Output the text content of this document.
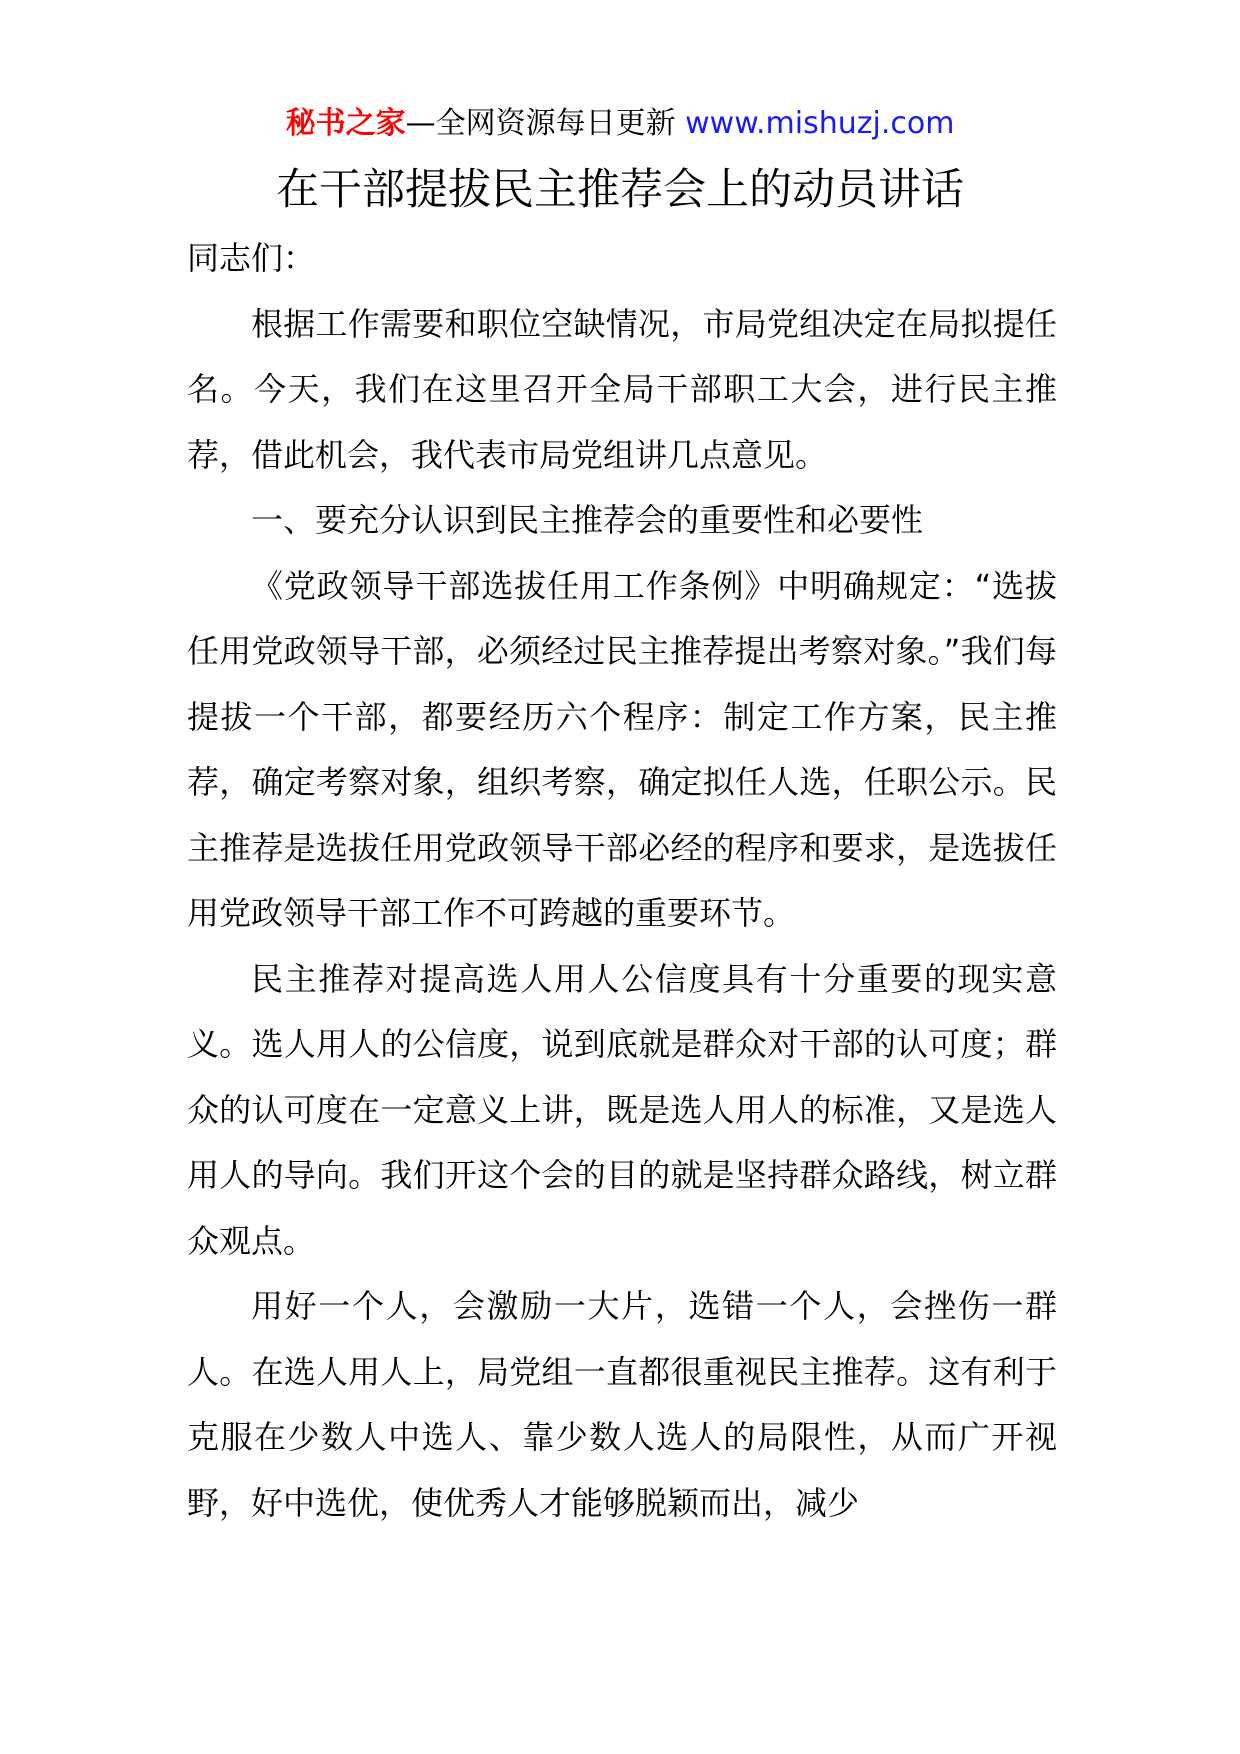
秘书之家—全网资源每日更新 www.mishuzj.com
在干部提拔民主推荐会上的动员讲话

同志们：

根据工作需要和职位空缺情况，市局党组决定在局拟提任名。今天，我们在这里召开全局干部职工大会，进行民主推荐，借此机会，我代表市局党组讲几点意见。

一、要充分认识到民主推荐会的重要性和必要性

《党政领导干部选拔任用工作条例》中明确规定：“选拔任用党政领导干部，必须经过民主推荐提出考察对象。”我们每提拔一个干部，都要经历六个程序：制定工作方案，民主推荐，确定考察对象，组织考察，确定拟任人选，任职公示。民主推荐是选拔任用党政领导干部必经的程序和要求，是选拔任用党政领导干部工作不可跨越的重要环节。

民主推荐对提高选人用人公信度具有十分重要的现实意义。选人用人的公信度，说到底就是群众对干部的认可度；群众的认可度在一定意义上讲，既是选人用人的标准，又是选人用人的导向。我们开这个会的目的就是坚持群众路线，树立群众观点。

用好一个人，会激励一大片，选错一个人，会挫伤一群人。在选人用人上，局党组一直都很重视民主推荐。这有利于克服在少数人中选人、靠少数人选人的局限性，从而广开视野，好中选优，使优秀人才能够脱颖而出，减少
